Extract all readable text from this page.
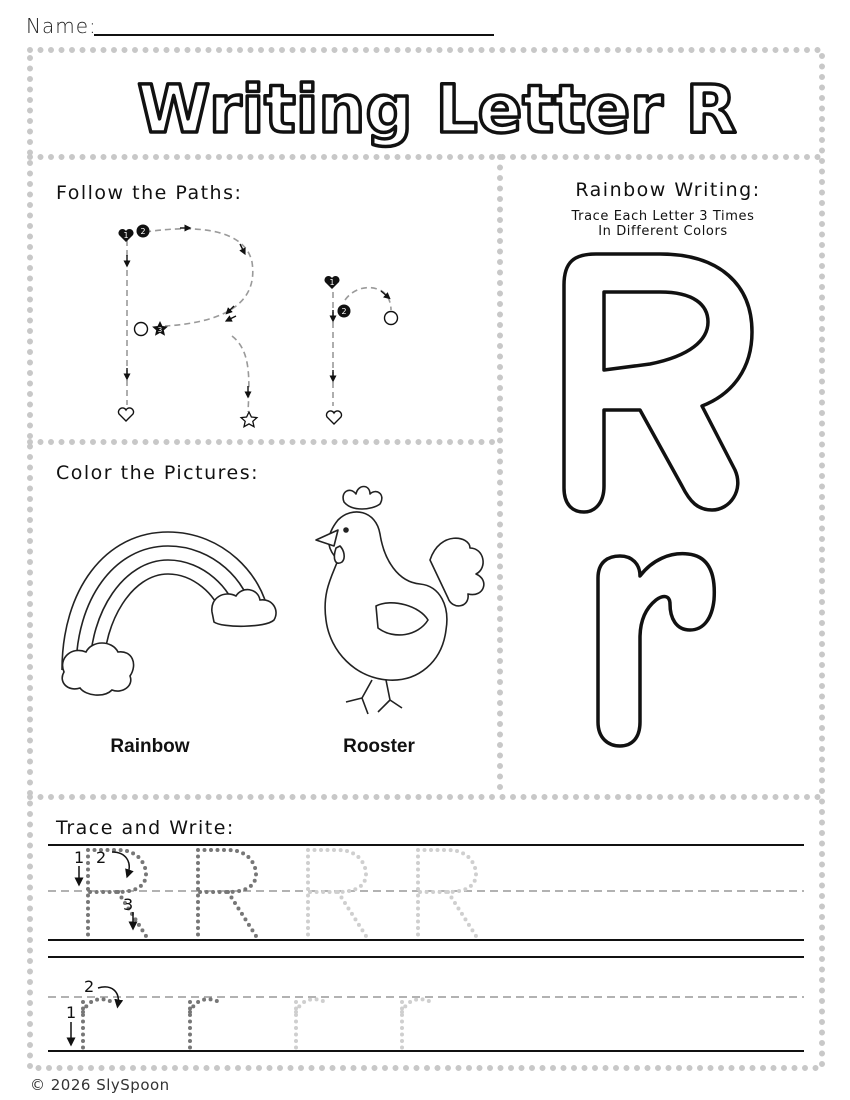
Name:
Writing Letter R
Follow the Paths:	Rainbow Writing:
Trace Each Letter 3 Times
In Different Colors
Color the Pictures:
Trace and Write:
1 2
3
1
2
Rainbow	Rooster
1 2
3
1
2
© 2026 SlySpoon
